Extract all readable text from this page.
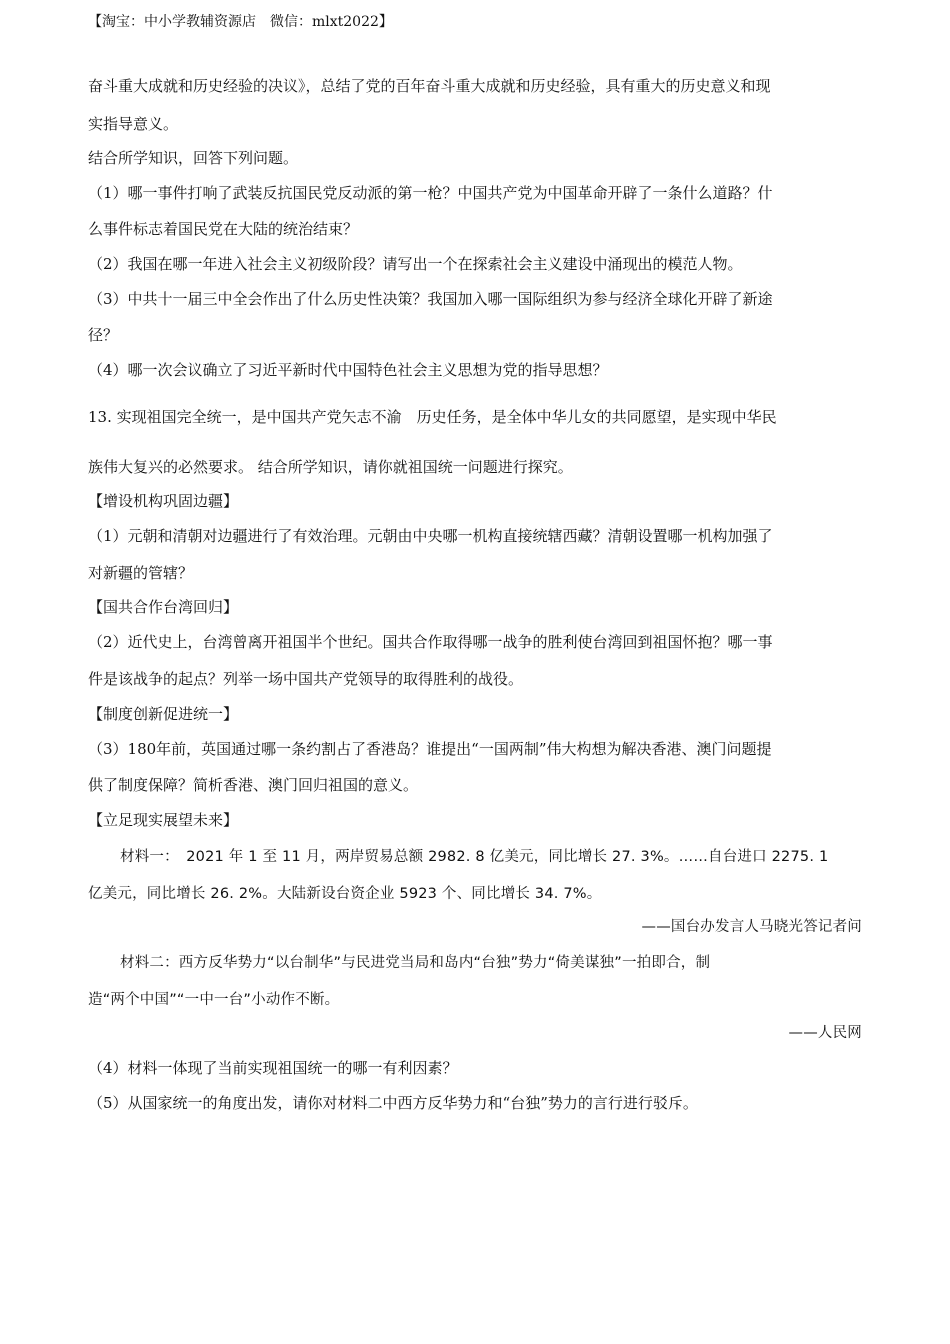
【淘宝：中小学教辅资源店　微信：mlxt2022】
奋斗重大成就和历史经验的决议》，总结了党的百年奋斗重大成就和历史经验，具有重大的历史意义和现
实指导意义。
结合所学知识，回答下列问题。
（1）哪一事件打响了武装反抗国民党反动派的第一枪？中国共产党为中国革命开辟了一条什么道路？什
么事件标志着国民党在大陆的统治结束？
（2）我国在哪一年进入社会主义初级阶段？请写出一个在探索社会主义建设中涌现出的模范人物。
（3）中共十一届三中全会作出了什么历史性决策？我国加入哪一国际组织为参与经济全球化开辟了新途
径？
（4）哪一次会议确立了习近平新时代中国特色社会主义思想为党的指导思想？
13. 实现祖国完全统一，是中国共产党矢志不渝　历史任务，是全体中华儿女的共同愿望，是实现中华民
族伟大复兴的必然要求。 结合所学知识，请你就祖国统一问题进行探究。
【增设机构巩固边疆】
（1）元朝和清朝对边疆进行了有效治理。元朝由中央哪一机构直接统辖西藏？清朝设置哪一机构加强了
对新疆的管辖？
【国共合作台湾回归】
（2）近代史上，台湾曾离开祖国半个世纪。国共合作取得哪一战争的胜利使台湾回到祖国怀抱？哪一事
件是该战争的起点？列举一场中国共产党领导的取得胜利的战役。
【制度创新促进统一】
（3）180年前，英国通过哪一条约割占了香港岛？谁提出“一国两制”伟大构想为解决香港、澳门问题提
供了制度保障？简析香港、澳门回归祖国的意义。
【立足现实展望未来】
材料一：　2021 年 1 至 11 月，两岸贸易总额 2982. 8 亿美元，同比增长 27. 3%。……自台进口 2275. 1
亿美元，同比增长 26. 2%。大陆新设台资企业 5923 个、同比增长 34. 7%。
——国台办发言人马晓光答记者问
材料二：西方反华势力“以台制华”与民进党当局和岛内“台独”势力“倚美谋独”一拍即合，制
造“两个中国”“一中一台”小动作不断。
——人民网
（4）材料一体现了当前实现祖国统一的哪一有利因素？
（5）从国家统一的角度出发，请你对材料二中西方反华势力和“台独”势力的言行进行驳斥。
